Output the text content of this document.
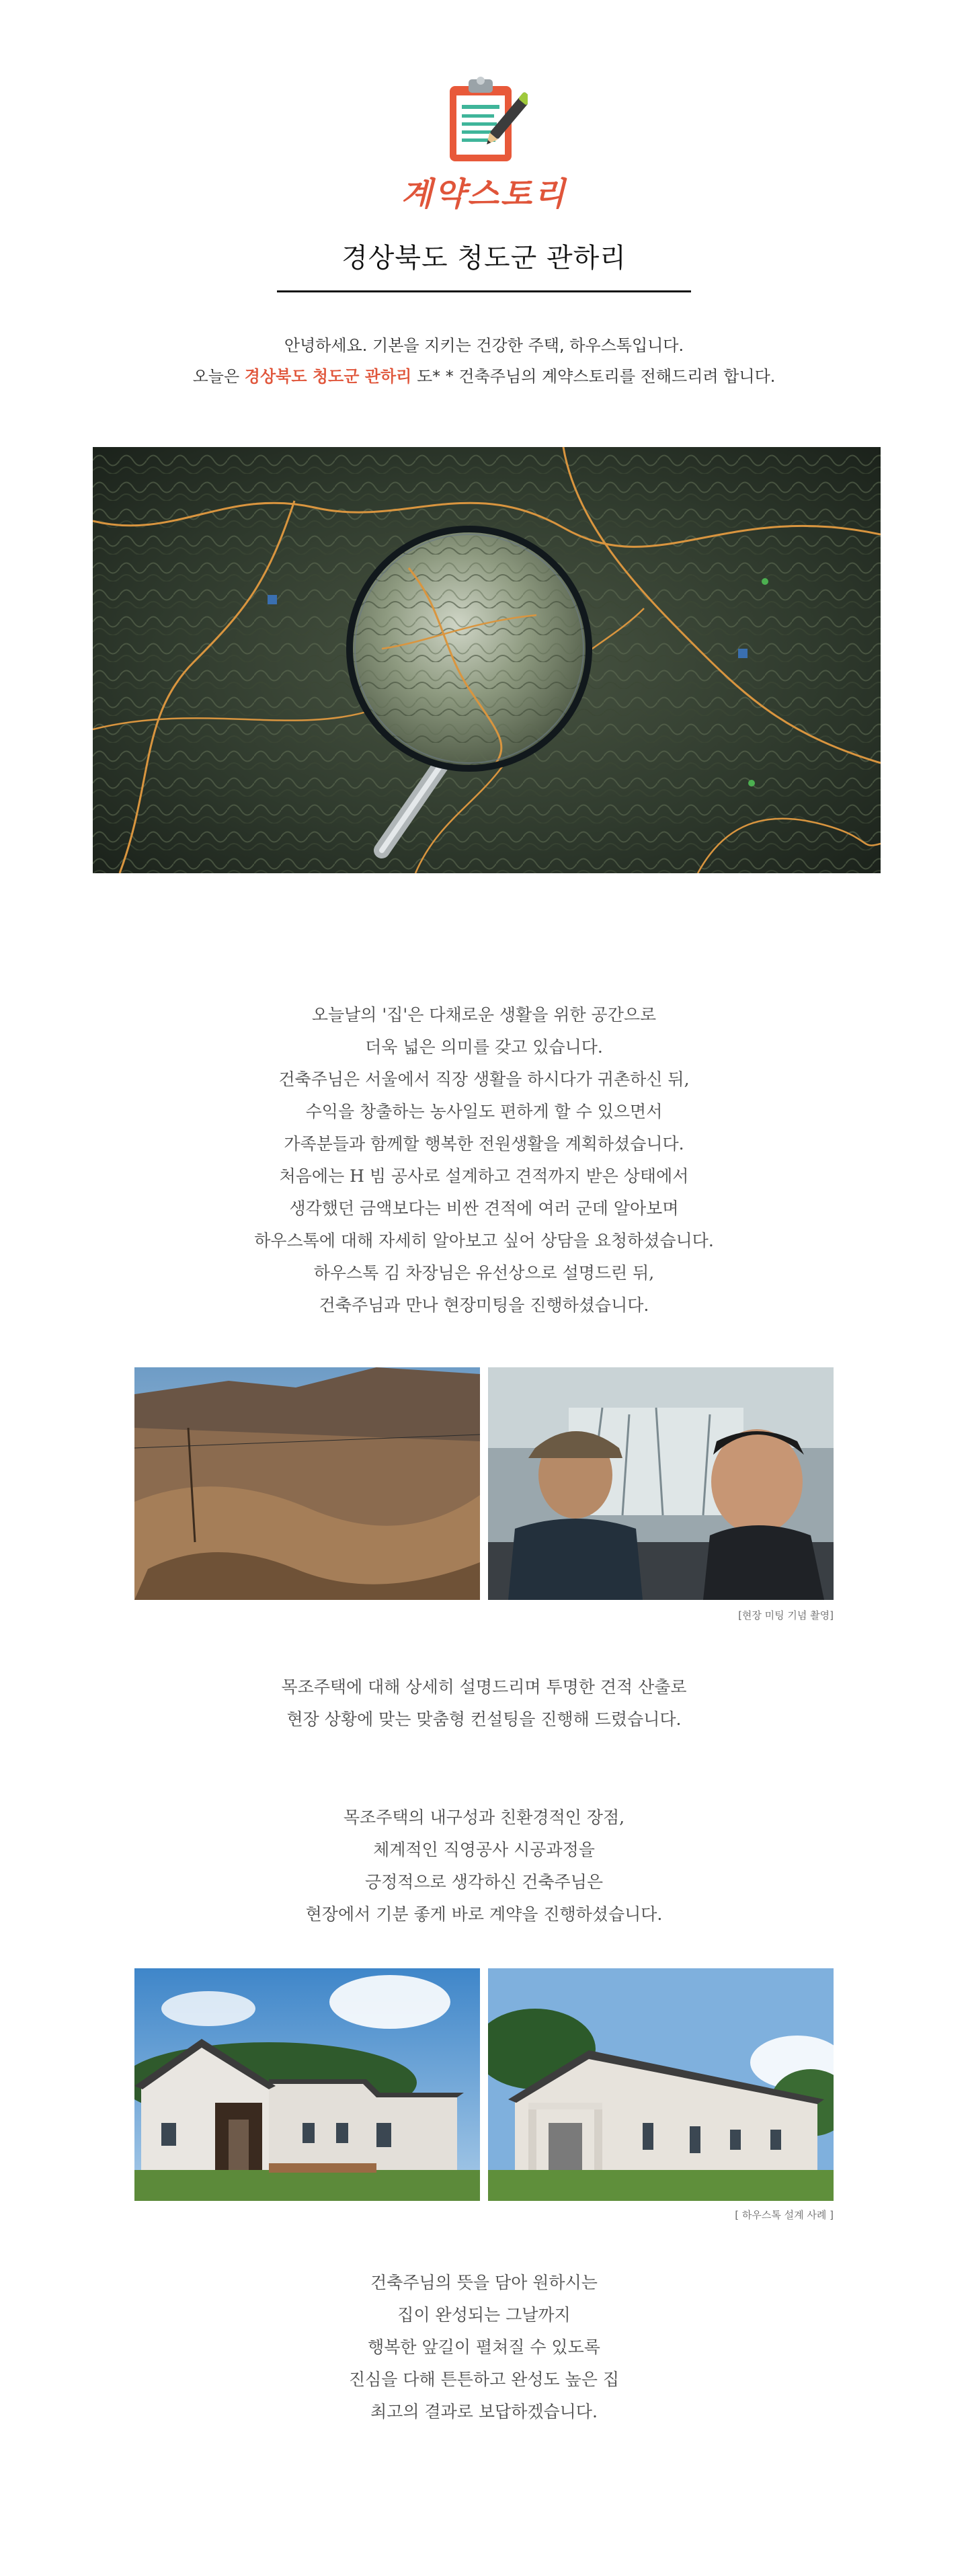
계약스토리
경상북도 청도군 관하리
안녕하세요. 기본을 지키는 건강한 주택, 하우스톡입니다.
오늘은 경상북도 청도군 관하리 도* * 건축주님의 계약스토리를 전해드리려 합니다.
오늘날의 '집'은 다채로운 생활을 위한 공간으로
더욱 넓은 의미를 갖고 있습니다.
건축주님은 서울에서 직장 생활을 하시다가 귀촌하신 뒤,
수익을 창출하는 농사일도 편하게 할 수 있으면서
가족분들과 함께할 행복한 전원생활을 계획하셨습니다.
처음에는 H 빔 공사로 설계하고 견적까지 받은 상태에서
생각했던 금액보다는 비싼 견적에 여러 군데 알아보며
하우스톡에 대해 자세히 알아보고 싶어 상담을 요청하셨습니다.
하우스톡 김 차장님은 유선상으로 설명드린 뒤,
건축주님과 만나 현장미팅을 진행하셨습니다.
[현장 미팅 기념 촬영]
목조주택에 대해 상세히 설명드리며 투명한 견적 산출로
현장 상황에 맞는 맞춤형 컨설팅을 진행해 드렸습니다.
목조주택의 내구성과 친환경적인 장점,
체계적인 직영공사 시공과정을
긍정적으로 생각하신 건축주님은
현장에서 기분 좋게 바로 계약을 진행하셨습니다.
[ 하우스톡 설계 사례 ]
건축주님의 뜻을 담아 원하시는
집이 완성되는 그날까지
행복한 앞길이 펼쳐질 수 있도록
진심을 다해 튼튼하고 완성도 높은 집
최고의 결과로 보답하겠습니다.
